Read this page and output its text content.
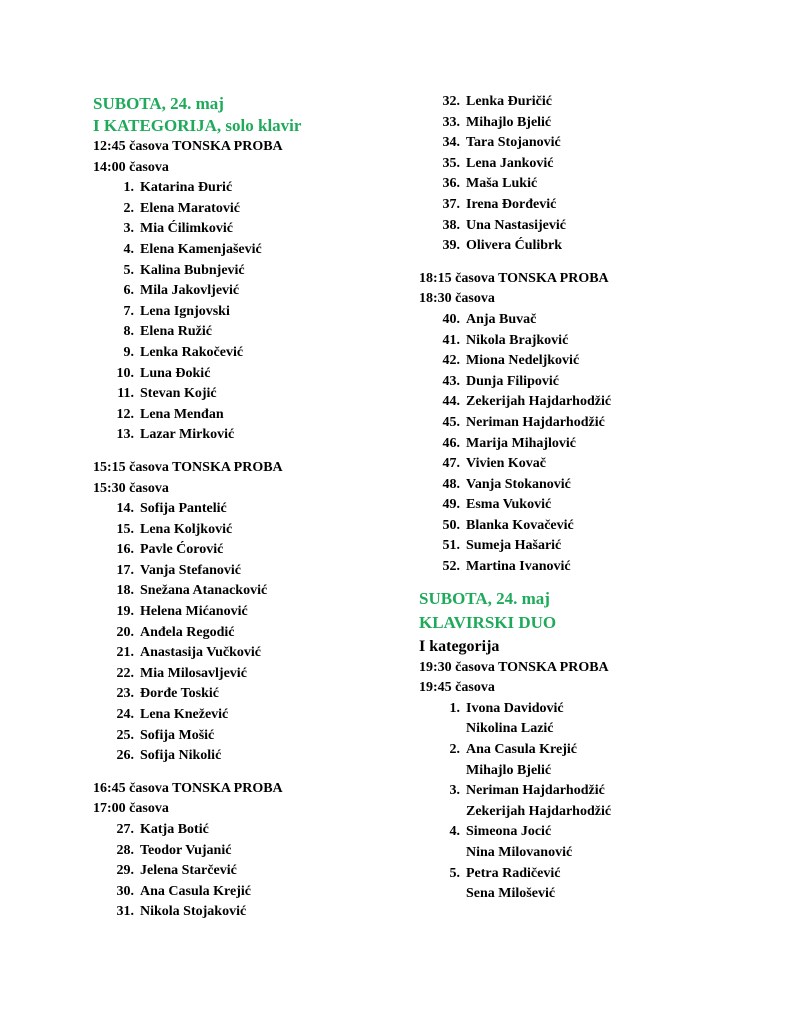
SUBOTA, 24. maj
I KATEGORIJA, solo klavir
12:45 časova TONSKA PROBA
14:00 časova
1. Katarina Đurić
2. Elena Maratović
3. Mia Ćilimković
4. Elena Kamenjašević
5. Kalina Bubnjević
6. Mila Jakovljević
7. Lena Ignjovski
8. Elena Ružić
9. Lenka Rakočević
10. Luna Đokić
11. Stevan Kojić
12. Lena Menđan
13. Lazar Mirković
15:15 časova TONSKA PROBA
15:30 časova
14. Sofija Pantelić
15. Lena Koljković
16. Pavle Ćorović
17. Vanja Stefanović
18. Snežana Atanacković
19. Helena Mićanović
20. Anđela Regodić
21. Anastasija Vučković
22. Mia Milosavljević
23. Đorđe Toskić
24. Lena Knežević
25. Sofija Mošić
26. Sofija Nikolić
16:45 časova TONSKA PROBA
17:00 časova
27. Katja Botić
28. Teodor Vujanić
29. Jelena Starčević
30. Ana Casula Krejić
31. Nikola Stojaković
32. Lenka Đuričić
33. Mihajlo Bjelić
34. Tara Stojanović
35. Lena Janković
36. Maša Lukić
37. Irena Đorđević
38. Una Nastasijević
39. Olivera Ćulibrk
18:15 časova TONSKA PROBA
18:30 časova
40. Anja Buvač
41. Nikola Brajković
42. Miona Nedeljković
43. Dunja Filipović
44. Zekerijah Hajdarhodžić
45. Neriman Hajdarhodžić
46. Marija Mihajlović
47. Vivien Kovač
48. Vanja Stokanović
49. Esma Vuković
50. Blanka Kovačević
51. Sumeja Hašarić
52. Martina Ivanović
SUBOTA, 24. maj
KLAVIRSKI DUO
I kategorija
19:30 časova TONSKA PROBA
19:45 časova
1. Ivona Davidović
Nikolina Lazić
2. Ana Casula Krejić
Mihajlo Bjelić
3. Neriman Hajdarhodžić
Zekerijah Hajdarhodžić
4. Simeona Jocić
Nina Milovanović
5. Petra Radičević
Sena Milošević
